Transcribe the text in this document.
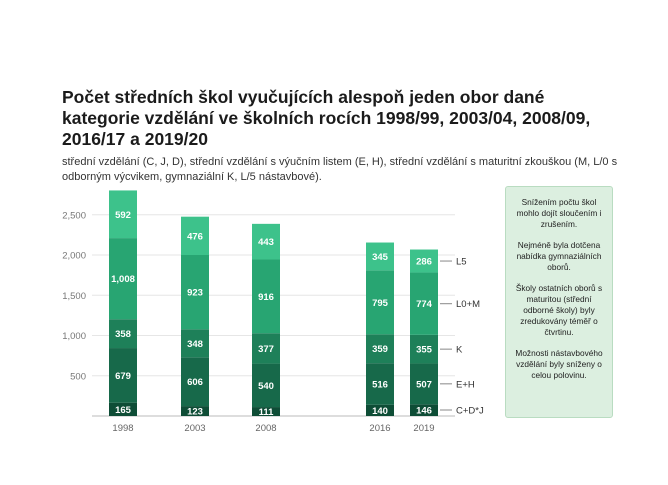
Počet středních škol vyučujících alespoň jeden obor dané kategorie vzdělání ve školních rocích 1998/99, 2003/04, 2008/09, 2016/17 a 2019/20

střední vzdělání (C, J, D), střední vzdělání s výučním listem (E, H), střední vzdělání s maturitní zkouškou (M, L/0 s odborným výcvikem, gymnaziální K, L/5 nástavbové).

500
1,000
1,500
2,000
2,500
165
679
358
1,008
592
1998
123
606
348
923
476
2003
111
540
377
916
443
2008
140
516
359
795
345
2016
146
507
355
774
286
2019
C+D*J
E+H
K
L0+M
L5

Snížením počtu škol mohlo dojít sloučením i zrušením.

Nejméně byla dotčena nabídka gymnaziálních oborů.

Školy ostatních oborů s maturitou (střední odborné školy) byly zredukovány téměř o čtvrtinu.

Možnosti nástavbového vzdělání byly sníženy o celou polovinu.
